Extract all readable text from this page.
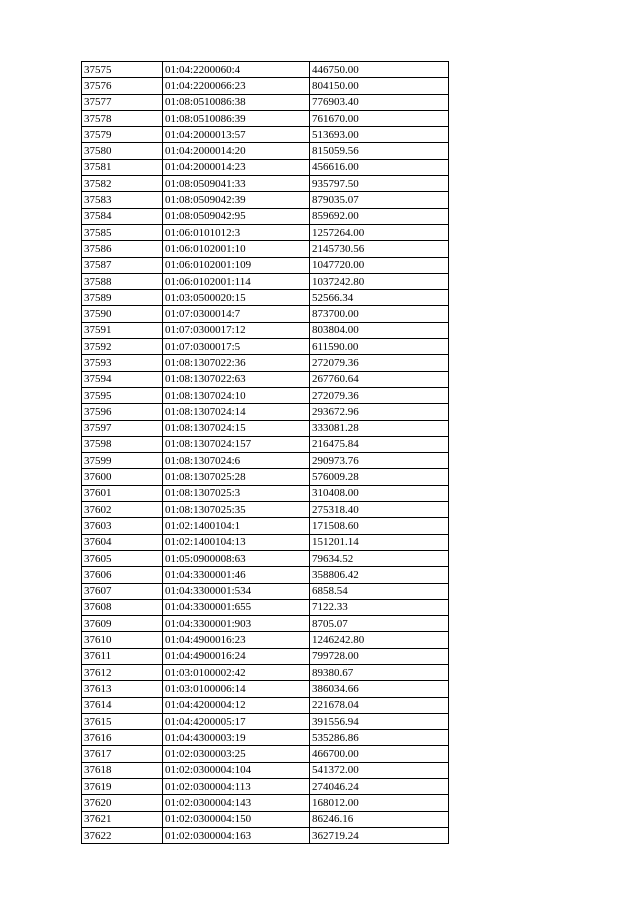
37575	01:04:2200060:4	446750.00
37576	01:04:2200066:23	804150.00
37577	01:08:0510086:38	776903.40
37578	01:08:0510086:39	761670.00
37579	01:04:2000013:57	513693.00
37580	01:04:2000014:20	815059.56
37581	01:04:2000014:23	456616.00
37582	01:08:0509041:33	935797.50
37583	01:08:0509042:39	879035.07
37584	01:08:0509042:95	859692.00
37585	01:06:0101012:3	1257264.00
37586	01:06:0102001:10	2145730.56
37587	01:06:0102001:109	1047720.00
37588	01:06:0102001:114	1037242.80
37589	01:03:0500020:15	52566.34
37590	01:07:0300014:7	873700.00
37591	01:07:0300017:12	803804.00
37592	01:07:0300017:5	611590.00
37593	01:08:1307022:36	272079.36
37594	01:08:1307022:63	267760.64
37595	01:08:1307024:10	272079.36
37596	01:08:1307024:14	293672.96
37597	01:08:1307024:15	333081.28
37598	01:08:1307024:157	216475.84
37599	01:08:1307024:6	290973.76
37600	01:08:1307025:28	576009.28
37601	01:08:1307025:3	310408.00
37602	01:08:1307025:35	275318.40
37603	01:02:1400104:1	171508.60
37604	01:02:1400104:13	151201.14
37605	01:05:0900008:63	79634.52
37606	01:04:3300001:46	358806.42
37607	01:04:3300001:534	6858.54
37608	01:04:3300001:655	7122.33
37609	01:04:3300001:903	8705.07
37610	01:04:4900016:23	1246242.80
37611	01:04:4900016:24	799728.00
37612	01:03:0100002:42	89380.67
37613	01:03:0100006:14	386034.66
37614	01:04:4200004:12	221678.04
37615	01:04:4200005:17	391556.94
37616	01:04:4300003:19	535286.86
37617	01:02:0300003:25	466700.00
37618	01:02:0300004:104	541372.00
37619	01:02:0300004:113	274046.24
37620	01:02:0300004:143	168012.00
37621	01:02:0300004:150	86246.16
37622	01:02:0300004:163	362719.24
